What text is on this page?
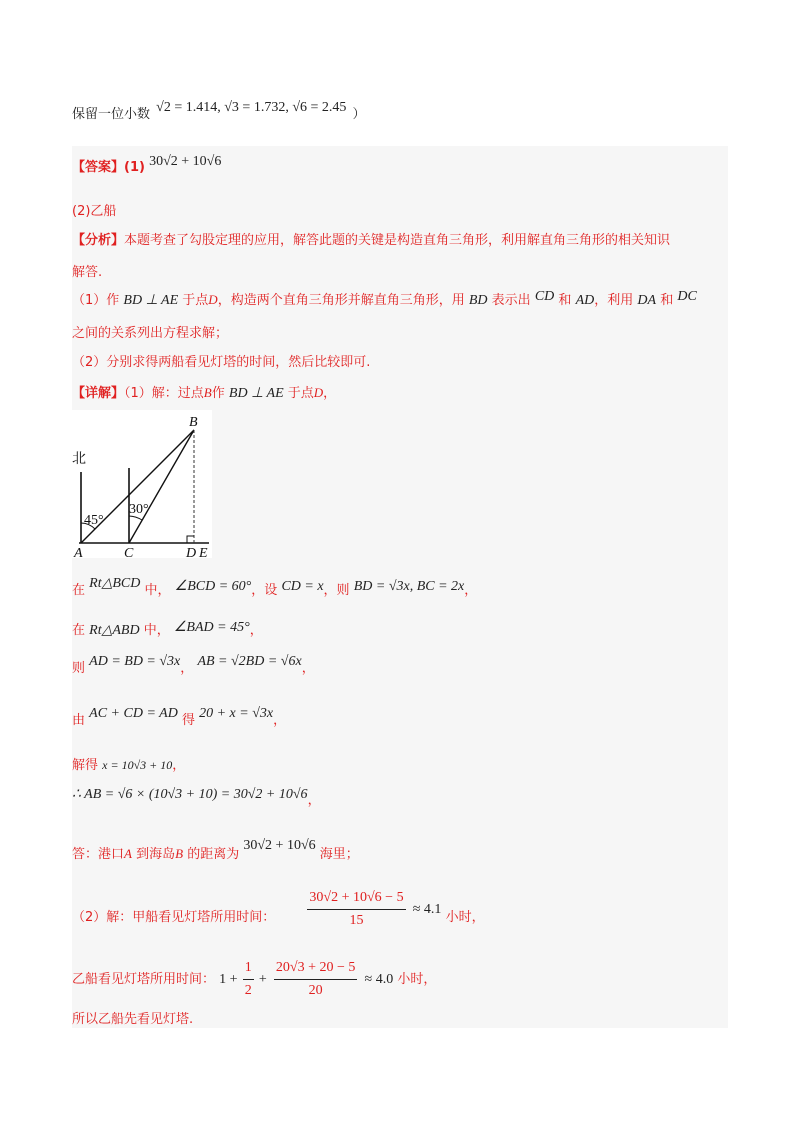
保留一位小数 √2 = 1.414, √3 = 1.732, √6 = 2.45 ）
【答案】(1) 30√2 + 10√6
(2)乙船
【分析】本题考查了勾股定理的应用，解答此题的关键是构造直角三角形，利用解直角三角形的相关知识
解答.
（1）作 BD ⊥ AE 于点D，构造两个直角三角形并解直角三角形，用 BD 表示出 CD 和 AD，利用 DA 和 DC
之间的关系列出方程求解；
（2）分别求得两船看见灯塔的时间，然后比较即可.
【详解】（1）解：过点B作 BD ⊥ AE 于点D，
北
45°
30°
A	C
B
D E
在 Rt△BCD 中， ∠BCD = 60°，设 CD = x，则 BD = √3x, BC = 2x，
在 Rt△ABD 中， ∠BAD = 45°，
则 AD = BD = √3x， AB = √2BD = √6x，
由 AC + CD = AD 得 20 + x = √3x，
解得 x = 10√3 + 10，
∴ AB = √6 × (10√3 + 10) = 30√2 + 10√6，
答：港口A 到海岛B 的距离为 30√2 + 10√6 海里；
（2）解：甲船看见灯塔所用时间： $\frac{30√2 + 10√6 - 5}{15} \approx 4.1$ 小时，
乙船看见灯塔所用时间： $1 + \frac{1}{2} + \frac{20√3 + 20 - 5}{20} \approx 4.0$ 小时，
所以乙船先看见灯塔.
